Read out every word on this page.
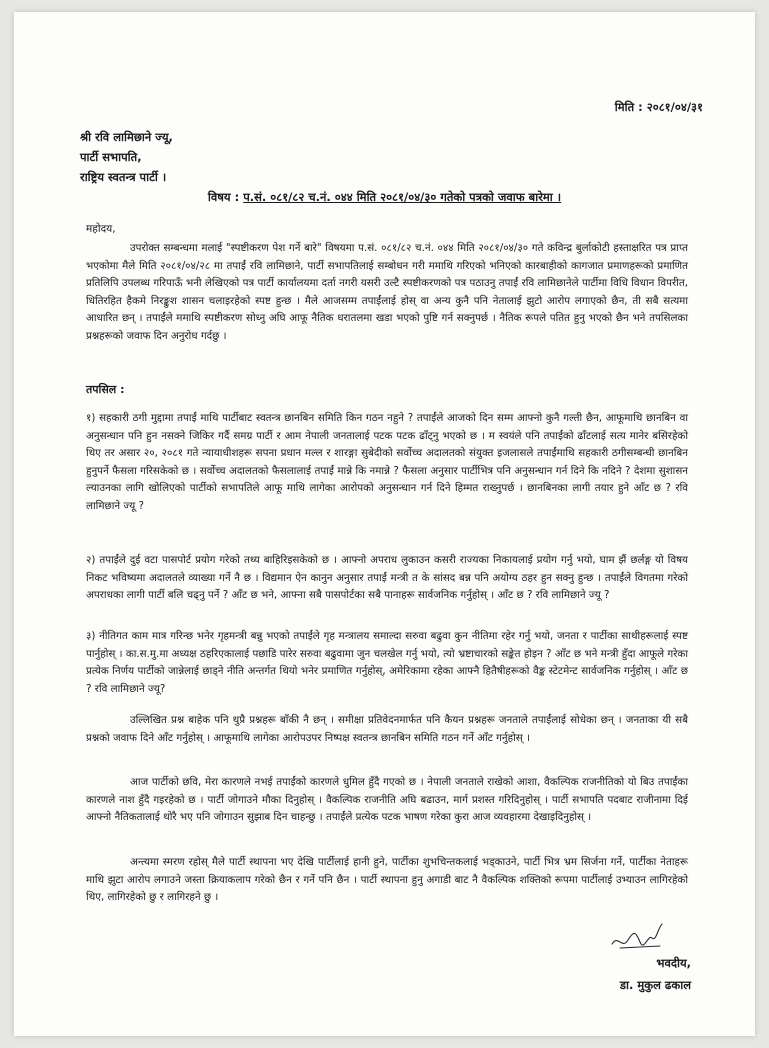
मिति : २०८१/०४/३१
श्री रवि लामिछाने ज्यू,
पार्टी सभापति,
राष्ट्रिय स्वतन्त्र पार्टी ।
विषय : प.सं. ०८१/८२ च.नं. ०४४ मिति २०८१/०४/३० गतेको पत्रको जवाफ बारेमा ।
महोदय,
उपरोक्त सम्बन्धमा मलाई "स्पष्टीकरण पेश गर्ने बारे" विषयमा प.सं. ०८१/८२ च.नं. ०४४ मिति २०८१/०४/३० गते कविन्द्र बुर्लाकोटी हस्ताक्षरित पत्र प्राप्त भएकोमा मैले मिति २०८१/०४/२८ मा तपाईं रवि लामिछाने, पार्टी सभापतिलाई सम्बोधन गरी ममाथि गरिएको भनिएको कारबाहीको कागजात प्रमाणहरूको प्रमाणित प्रतिलिपि उपलब्ध गरिपाऊँ भनी लेखिएको पत्र पार्टी कार्यालयमा दर्ता नगरी यसरी उल्टै स्पष्टीकरणको पत्र पठाउनु तपाईं रवि लामिछानेले पार्टीमा विधि विधान विपरीत, धितिरहित हैकमे निरङ्कुश शासन चलाइरहेको स्पष्ट हुन्छ । मैले आजसम्म तपाईंलाई होस् वा अन्य कुनै पनि नेतालाई झुटो आरोप लगाएको छैन, ती सबै सत्यमा आधारित छन् । तपाईंले ममाथि स्पष्टीकरण सोध्नु अघि आफू नैतिक धरातलमा खडा भएको पुष्टि गर्न सक्नुपर्छ । नैतिक रूपले पतित हुनु भएको छैन भने तपसिलका प्रश्नहरूको जवाफ दिन अनुरोध गर्दछु ।
तपसिल :
१) सहकारी ठगी मुद्दामा तपाईं माथि पार्टीबाट स्वतन्त्र छानबिन समिति किन गठन नहुने ? तपाईंले आजको दिन सम्म आफ्नो कुनै गल्ती छैन, आफूमाथि छानबिन वा अनुसन्धान पनि हुन नसक्ने जिकिर गर्दै समग्र पार्टी र आम नेपाली जनतालाई पटक पटक ढाँट्नु भएको छ । म स्वयंले पनि तपाईंको ढाँटलाई सत्य मानेर बसिरहेको थिए तर असार २०, २०८१ गते न्यायाधीशहरू सपना प्रधान मल्ल र शारङ्गा सुबेदीको सर्वोच्च अदालतको संयुक्त इजलासले तपाईंमाथि सहकारी ठगीसम्बन्धी छानबिन हुनुपर्ने फैसला गरिसकेको छ । सर्वोच्च अदालतको फैसलालाई तपाईं मान्ने कि नमान्ने ? फैसला अनुसार पार्टीभित्र पनि अनुसन्धान गर्न दिने कि नदिने ? देशमा सुशासन ल्याउनका लागि खोलिएको पार्टीको सभापतिले आफू माथि लागेका आरोपको अनुसन्धान गर्न दिने हिम्मत राख्नुपर्छ । छानबिनका लागी तयार हुने आँट छ ? रवि लामिछाने ज्यू ?
२) तपाईंले दुई वटा पासपोर्ट प्रयोग गरेको तथ्य बाहिरिइसकेको छ । आफ्नो अपराध लुकाउन कसरी राज्यका निकायलाई प्रयोग गर्नु भयो, घाम झैं छर्लङ्ग यो विषय निकट भविष्यमा अदालतले व्याख्या गर्ने नै छ । विद्यमान ऐन कानुन अनुसार तपाईं मन्त्री त के सांसद बन्न पनि अयोग्य ठहर हुन सक्नु हुन्छ । तपाईंले विगतमा गरेको अपराधका लागी पार्टी बलि चढ्नु पर्ने ? आँट छ भने, आफ्ना सबै पासपोर्टका सबै पानाहरू सार्वजनिक गर्नुहोस् । आँट छ ? रवि लामिछाने ज्यू ?
३) नीतिगत काम मात्र गरिन्छ भनेर गृहमन्त्री बन्नु भएको तपाईंले गृह मन्त्रालय समाल्दा सरुवा बढुवा कुन नीतिमा रहेर गर्नु भयो, जनता र पार्टीका साथीहरूलाई स्पष्ट पार्नुहोस् । का.स.मु.मा अध्यक्ष ठहरिएकालाई पछाडि पारेर सरुवा बढुवामा जुन चलखेल गर्नु भयो, त्यो भ्रष्टाचारको सङ्केत होइन ? आँट छ भने मन्त्री हुँदा आफूले गरेका प्रत्येक निर्णय पार्टीको जान्नेलाई छाड्ने नीति अन्तर्गत थियो भनेर प्रमाणित गर्नुहोस्, अमेरिकामा रहेका आफ्नै हितैषीहरूको वैङ्क स्टेटमेन्ट सार्वजनिक गर्नुहोस् । आँट छ ? रवि लामिछाने ज्यू?
उल्लिखित प्रश्न बाहेक पनि थुप्रै प्रश्नहरू बाँकी नै छन् । समीक्षा प्रतिवेदनमार्फत पनि कैयन प्रश्नहरू जनताले तपाईंलाई सोधेका छन् । जनताका यी सबै प्रश्नको जवाफ दिने आँट गर्नुहोस् । आफूमाथि लागेका आरोपउपर निष्पक्ष स्वतन्त्र छानबिन समिति गठन गर्ने आँट गर्नुहोस् ।
आज पार्टीको छवि, मेरा कारणले नभई तपाईंको कारणले धुमिल हुँदै गएको छ । नेपाली जनताले राखेको आशा, वैकल्पिक राजनीतिको यो बिउ तपाईंका कारणले नाश हुँदै गइरहेको छ । पार्टी जोगाउने मौका दिनुहोस् । वैकल्पिक राजनीति अघि बढाउन, मार्ग प्रशस्त गरिदिनुहोस् । पार्टी सभापति पदबाट राजीनामा दिई आफ्नो नैतिकतालाई थोरै भए पनि जोगाउन सुझाब दिन चाहन्छु । तपाईंले प्रत्येक पटक भाषण गरेका कुरा आज व्यवहारमा देखाइदिनुहोस् ।
अन्त्यमा स्मरण रहोस् मैले पार्टी स्थापना भए देखि पार्टीलाई हानी हुने, पार्टीका शुभचिन्तकलाई भड्काउने, पार्टी भित्र भ्रम सिर्जना गर्ने, पार्टीका नेताहरू माथि झुटा आरोप लगाउने जस्ता क्रियाकलाप गरेको छैन र गर्ने पनि छैन । पार्टी स्थापना हुनु अगाडी बाट नै वैकल्पिक शक्तिको रूपमा पार्टीलाई उभ्याउन लागिरहेको थिए, लागिरहेको छु र लागिरहने छु ।
भवदीय,
डा. मुकुल ढकाल
